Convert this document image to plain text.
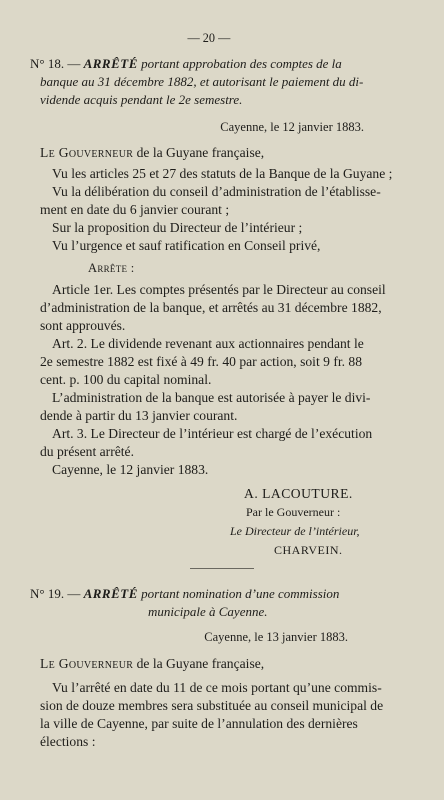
— 20 —
N° 18. — ARRÊTÉ portant approbation des comptes de la
banque au 31 décembre 1882, et autorisant le paiement du di-
vidende acquis pendant le 2e semestre.
Cayenne, le 12 janvier 1883.
Le Gouverneur de la Guyane française,
Vu les articles 25 et 27 des statuts de la Banque de la Guyane ;
Vu la délibération du conseil d’administration de l’établisse-
ment en date du 6 janvier courant ;
Sur la proposition du Directeur de l’intérieur ;
Vu l’urgence et sauf ratification en Conseil privé,
Arrête :
Article 1er. Les comptes présentés par le Directeur au conseil
d’administration de la banque, et arrêtés au 31 décembre 1882,
sont approuvés.
Art. 2. Le dividende revenant aux actionnaires pendant le
2e semestre 1882 est fixé à 49 fr. 40 par action, soit 9 fr. 88
cent. p. 100 du capital nominal.
L’administration de la banque est autorisée à payer le divi-
dende à partir du 13 janvier courant.
Art. 3. Le Directeur de l’intérieur est chargé de l’exécution
du présent arrêté.
Cayenne, le 12 janvier 1883.
A. LACOUTURE.
Par le Gouverneur :
Le Directeur de l’intérieur,
CHARVEIN.
N° 19. — ARRÊTÉ portant nomination d’une commission
municipale à Cayenne.
Cayenne, le 13 janvier 1883.
Le Gouverneur de la Guyane française,
Vu l’arrêté en date du 11 de ce mois portant qu’une commis-
sion de douze membres sera substituée au conseil municipal de
la ville de Cayenne, par suite de l’annulation des dernières
élections :
